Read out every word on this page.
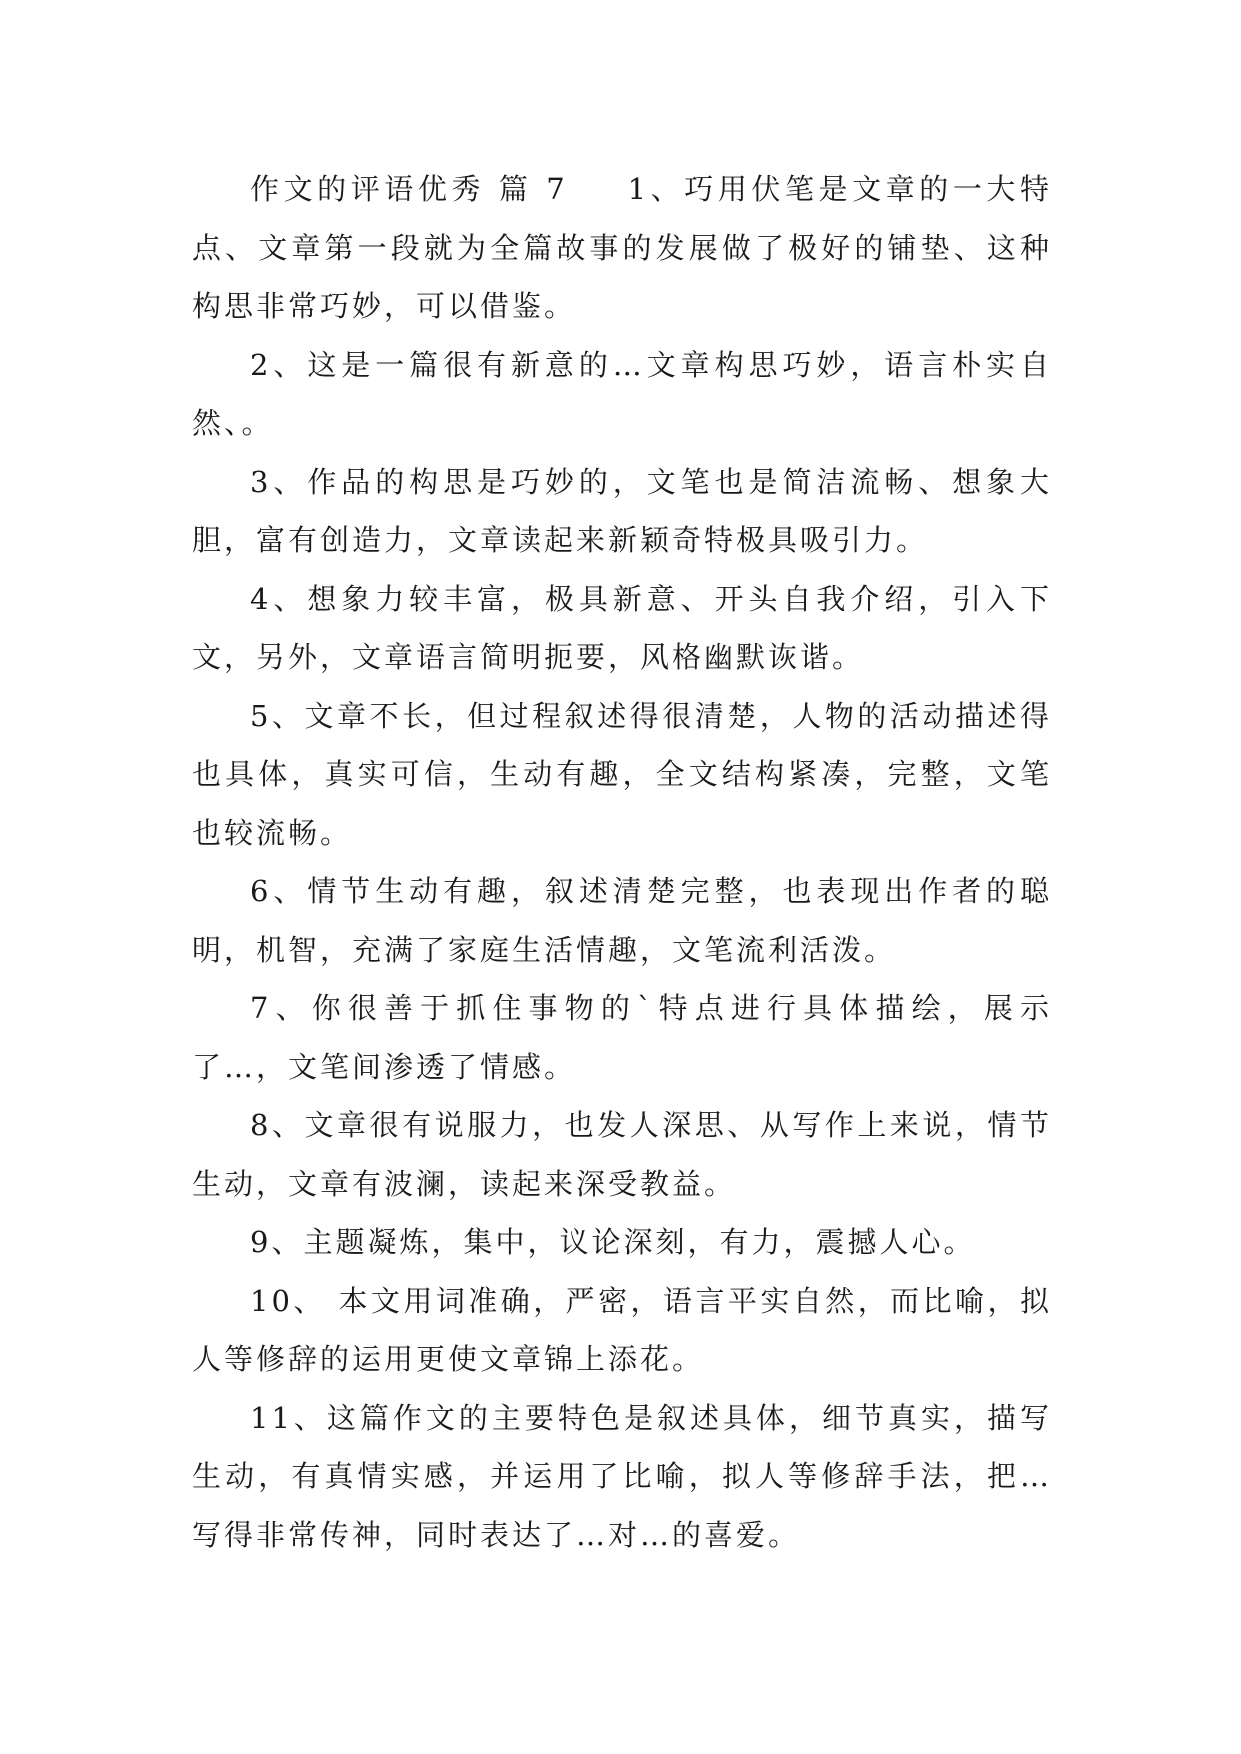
作文的评语优秀 篇 7 1、巧用伏笔是文章的一大特点、文章第一段就为全篇故事的发展做了极好的铺垫、这种构思非常巧妙，可以借鉴。

2、这是一篇很有新意的…文章构思巧妙，语言朴实自然、。

3、作品的构思是巧妙的，文笔也是简洁流畅、想象大胆，富有创造力，文章读起来新颖奇特极具吸引力。

4、想象力较丰富，极具新意、开头自我介绍，引入下文，另外，文章语言简明扼要，风格幽默诙谐。

5、文章不长，但过程叙述得很清楚，人物的活动描述得也具体，真实可信，生动有趣，全文结构紧凑，完整，文笔也较流畅。

6、情节生动有趣，叙述清楚完整，也表现出作者的聪明，机智，充满了家庭生活情趣，文笔流利活泼。

7、你很善于抓住事物的`特点进行具体描绘，展示了…，文笔间渗透了情感。

8、文章很有说服力，也发人深思、从写作上来说，情节生动，文章有波澜，读起来深受教益。

9、主题凝炼，集中，议论深刻，有力，震撼人心。

10、 本文用词准确，严密，语言平实自然，而比喻，拟人等修辞的运用更使文章锦上添花。

11、这篇作文的主要特色是叙述具体，细节真实，描写生动，有真情实感，并运用了比喻，拟人等修辞手法，把…写得非常传神，同时表达了…对…的喜爱。
